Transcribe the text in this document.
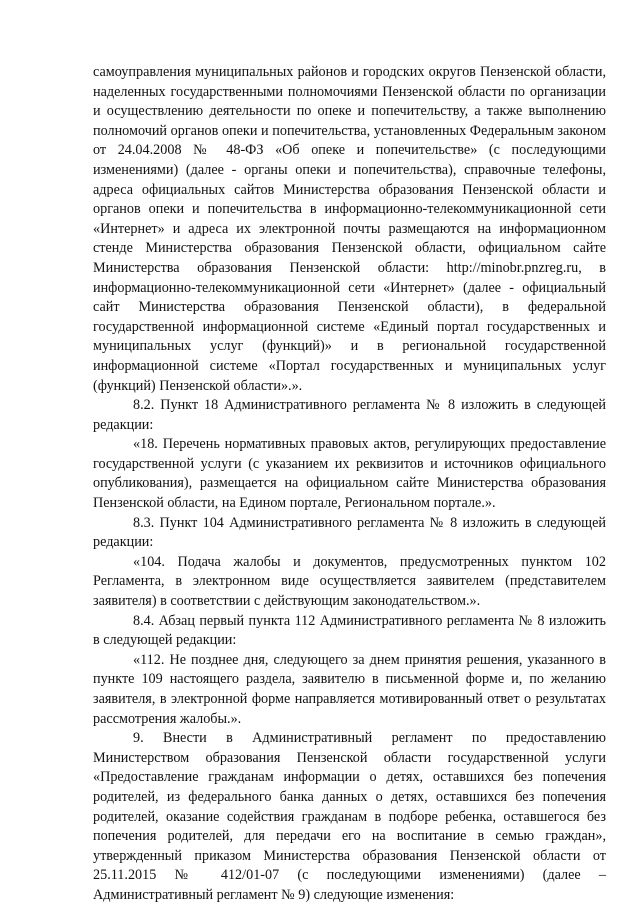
самоуправления муниципальных районов и городских округов Пензенской области, наделенных государственными полномочиями Пензенской области по организации и осуществлению деятельности по опеке и попечительству, а также выполнению полномочий органов опеки и попечительства, установленных Федеральным законом от 24.04.2008 № 48-ФЗ «Об опеке и попечительстве» (с последующими изменениями) (далее - органы опеки и попечительства), справочные телефоны, адреса официальных сайтов Министерства образования Пензенской области и органов опеки и попечительства в информационно-телекоммуникационной сети «Интернет» и адреса их электронной почты размещаются на информационном стенде Министерства образования Пензенской области, официальном сайте Министерства образования Пензенской области: http://minobr.pnzreg.ru, в информационно-телекоммуникационной сети «Интернет» (далее - официальный сайт Министерства образования Пензенской области), в федеральной государственной информационной системе «Единый портал государственных и муниципальных услуг (функций)» и в региональной государственной информационной системе «Портал государственных и муниципальных услуг (функций) Пензенской области».».

8.2. Пункт 18 Административного регламента № 8 изложить в следующей редакции:

«18. Перечень нормативных правовых актов, регулирующих предоставление государственной услуги (с указанием их реквизитов и источников официального опубликования), размещается на официальном сайте Министерства образования Пензенской области, на Едином портале, Региональном портале.».

8.3. Пункт 104 Административного регламента № 8 изложить в следующей редакции:

«104. Подача жалобы и документов, предусмотренных пунктом 102 Регламента, в электронном виде осуществляется заявителем (представителем заявителя) в соответствии с действующим законодательством.».

8.4. Абзац первый пункта 112 Административного регламента № 8 изложить в следующей редакции:

«112. Не позднее дня, следующего за днем принятия решения, указанного в пункте 109 настоящего раздела, заявителю в письменной форме и, по желанию заявителя, в электронной форме направляется мотивированный ответ о результатах рассмотрения жалобы.».

9. Внести в Административный регламент по предоставлению Министерством образования Пензенской области государственной услуги «Предоставление гражданам информации о детях, оставшихся без попечения родителей, из федерального банка данных о детях, оставшихся без попечения родителей, оказание содействия гражданам в подборе ребенка, оставшегося без попечения родителей, для передачи его на воспитание в семью граждан», утвержденный приказом Министерства образования Пензенской области от 25.11.2015 № 412/01-07 (с последующими изменениями) (далее – Административный регламент № 9) следующие изменения:
